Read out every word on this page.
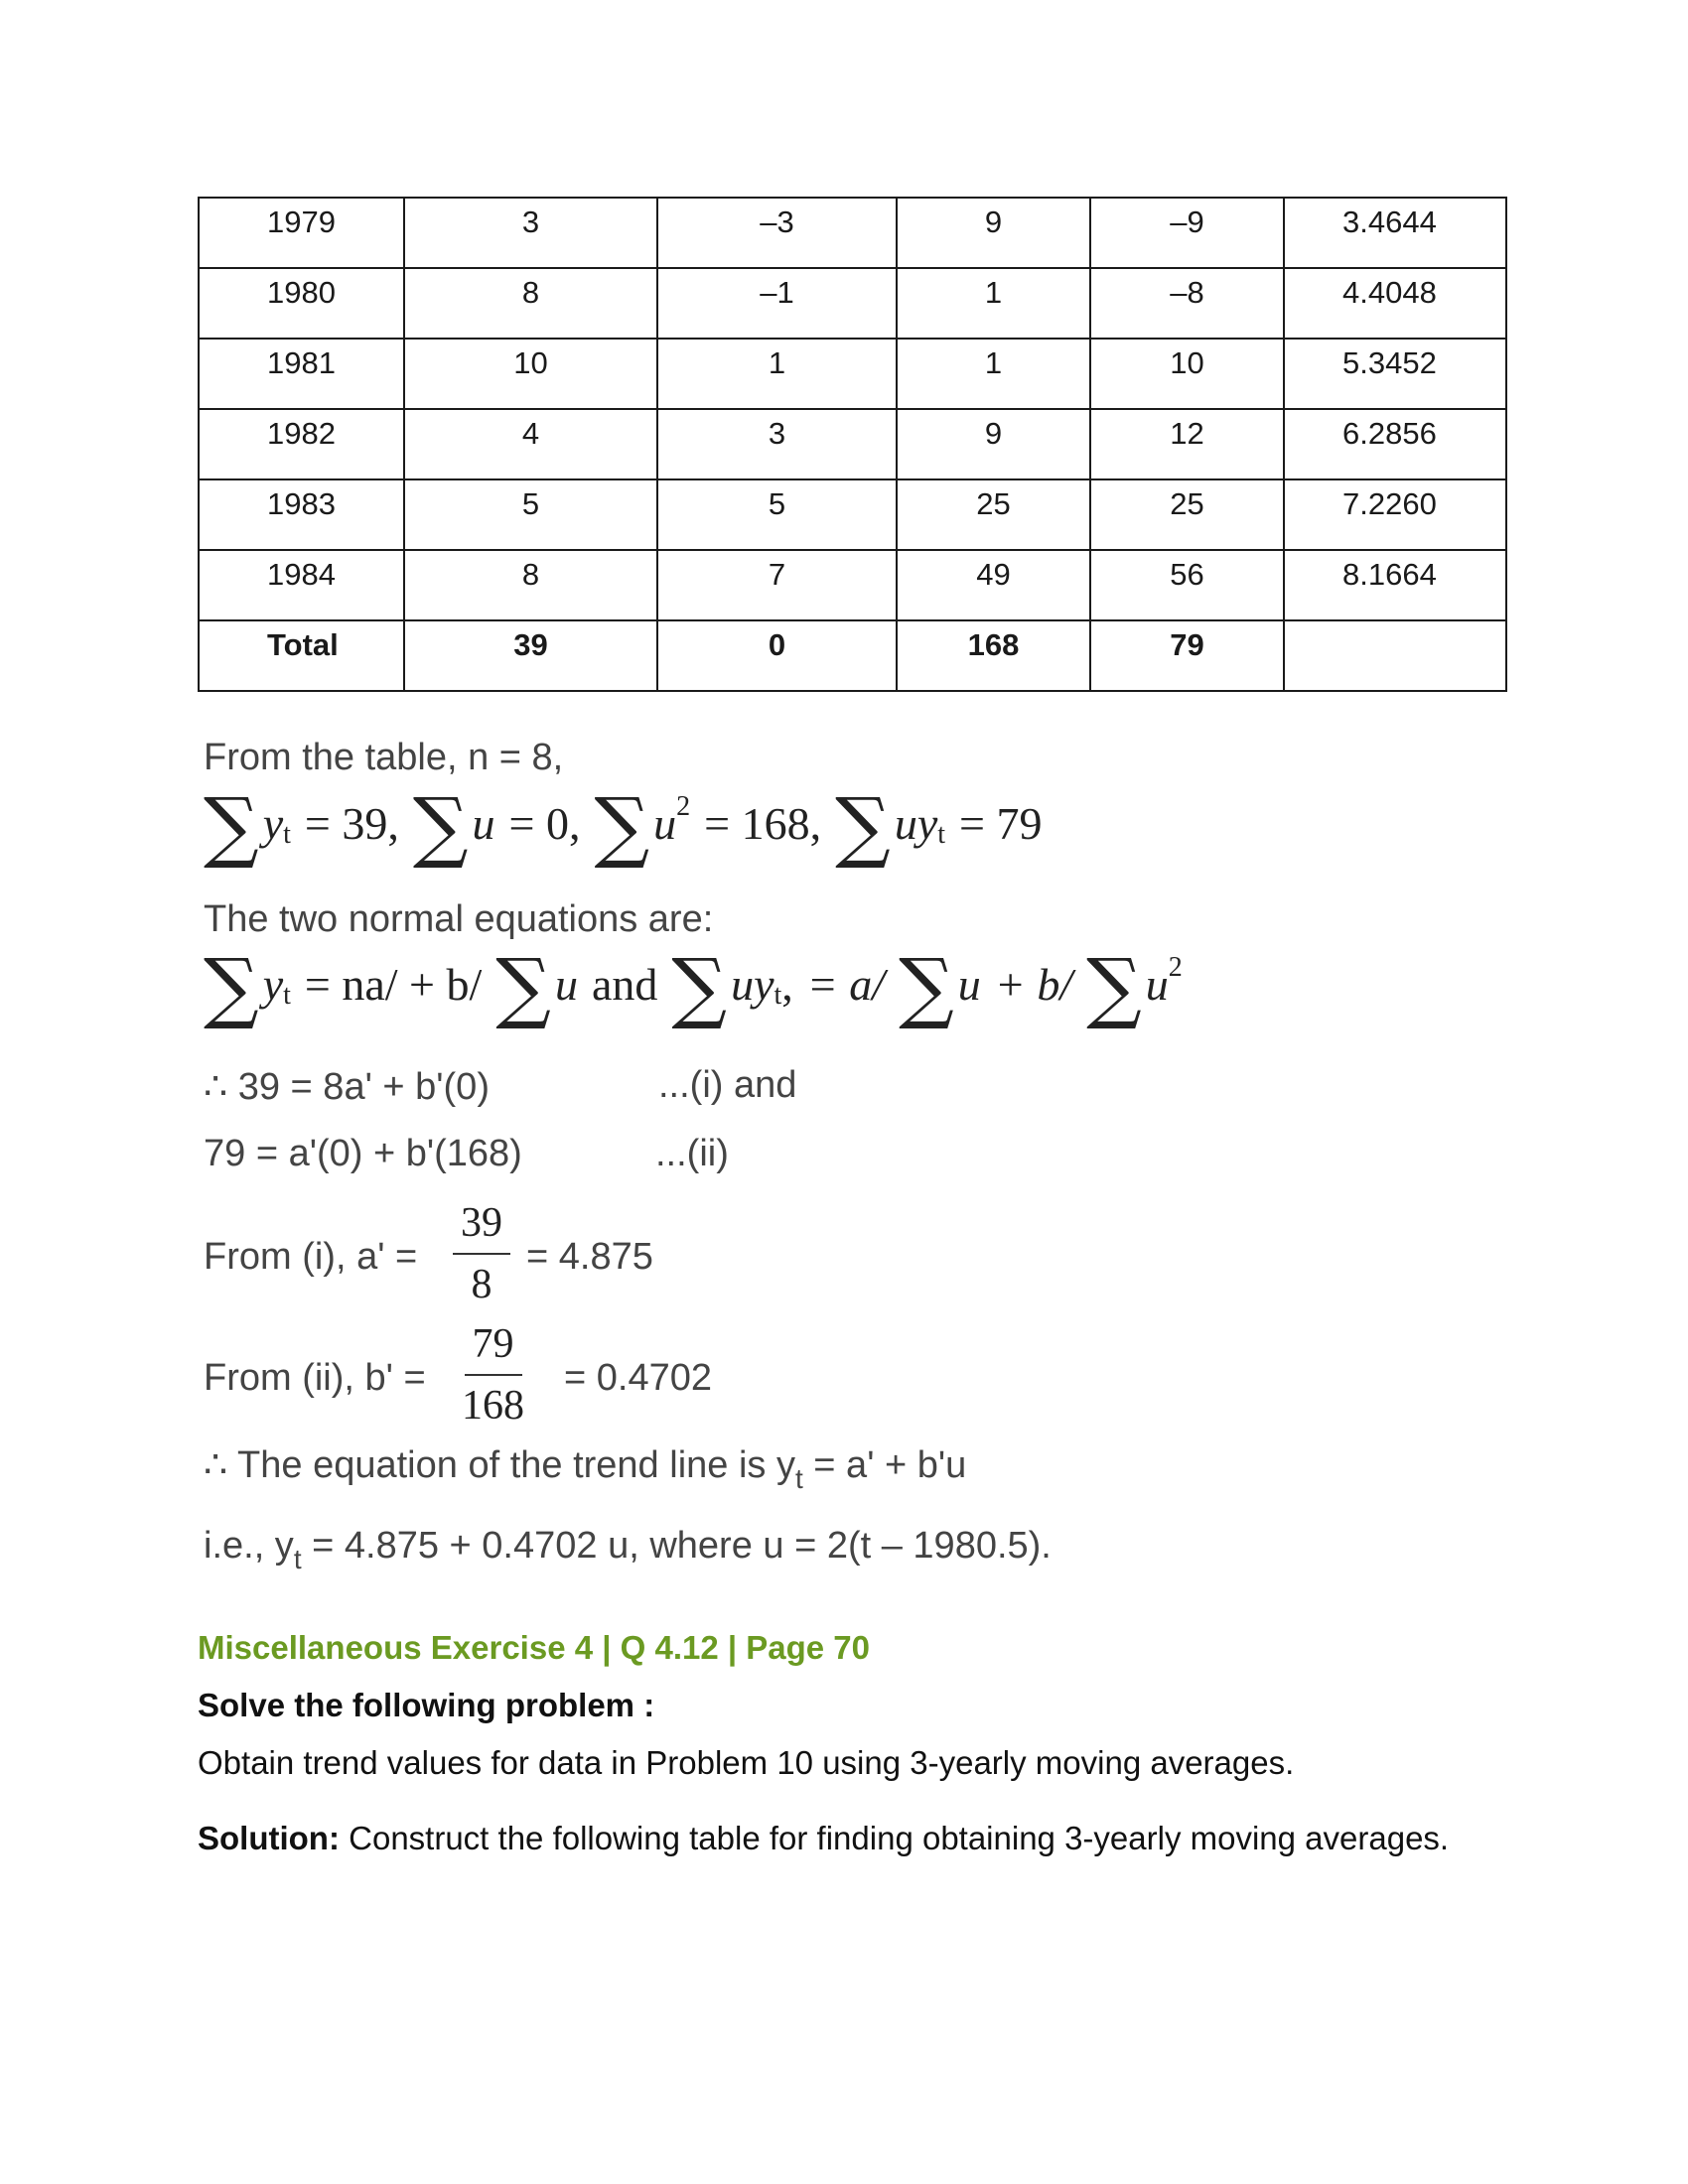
1979	3	–3	9	–9	3.4644
1980	8	–1	1	–8	4.4048
1981	10	1	1	10	5.3452
1982	4	3	9	12	6.2856
1983	5	5	25	25	7.2260
1984	8	7	49	56	8.1664
Total	39	0	168	79	
From the table, n = 8,
∑ y t = 39, ∑ u = 0, ∑ u 2 = 168, ∑ uy t = 79
The two normal equations are:
∑ y t = na/ + b/ ∑ u and ∑ uy t , = a/ ∑ u + b/ ∑ u 2
∴ 39 = 8a' + b'(0)	...(i) and
79 = a'(0) + b'(168)	...(ii)
From (i), $a' = \frac{39}{8} = 4.875$
From (ii), $b' = \frac{79}{168} = 0.4702$
∴ The equation of the trend line is $y_t = a' + b'u$
i.e., $y_t = 4.875 + 0.4702$ u, where u = 2(t – 1980.5).
Miscellaneous Exercise 4 | Q 4.12 | Page 70
Solve the following problem :
Obtain trend values for data in Problem 10 using 3-yearly moving averages.
Solution: Construct the following table for finding obtaining 3-yearly moving averages.
